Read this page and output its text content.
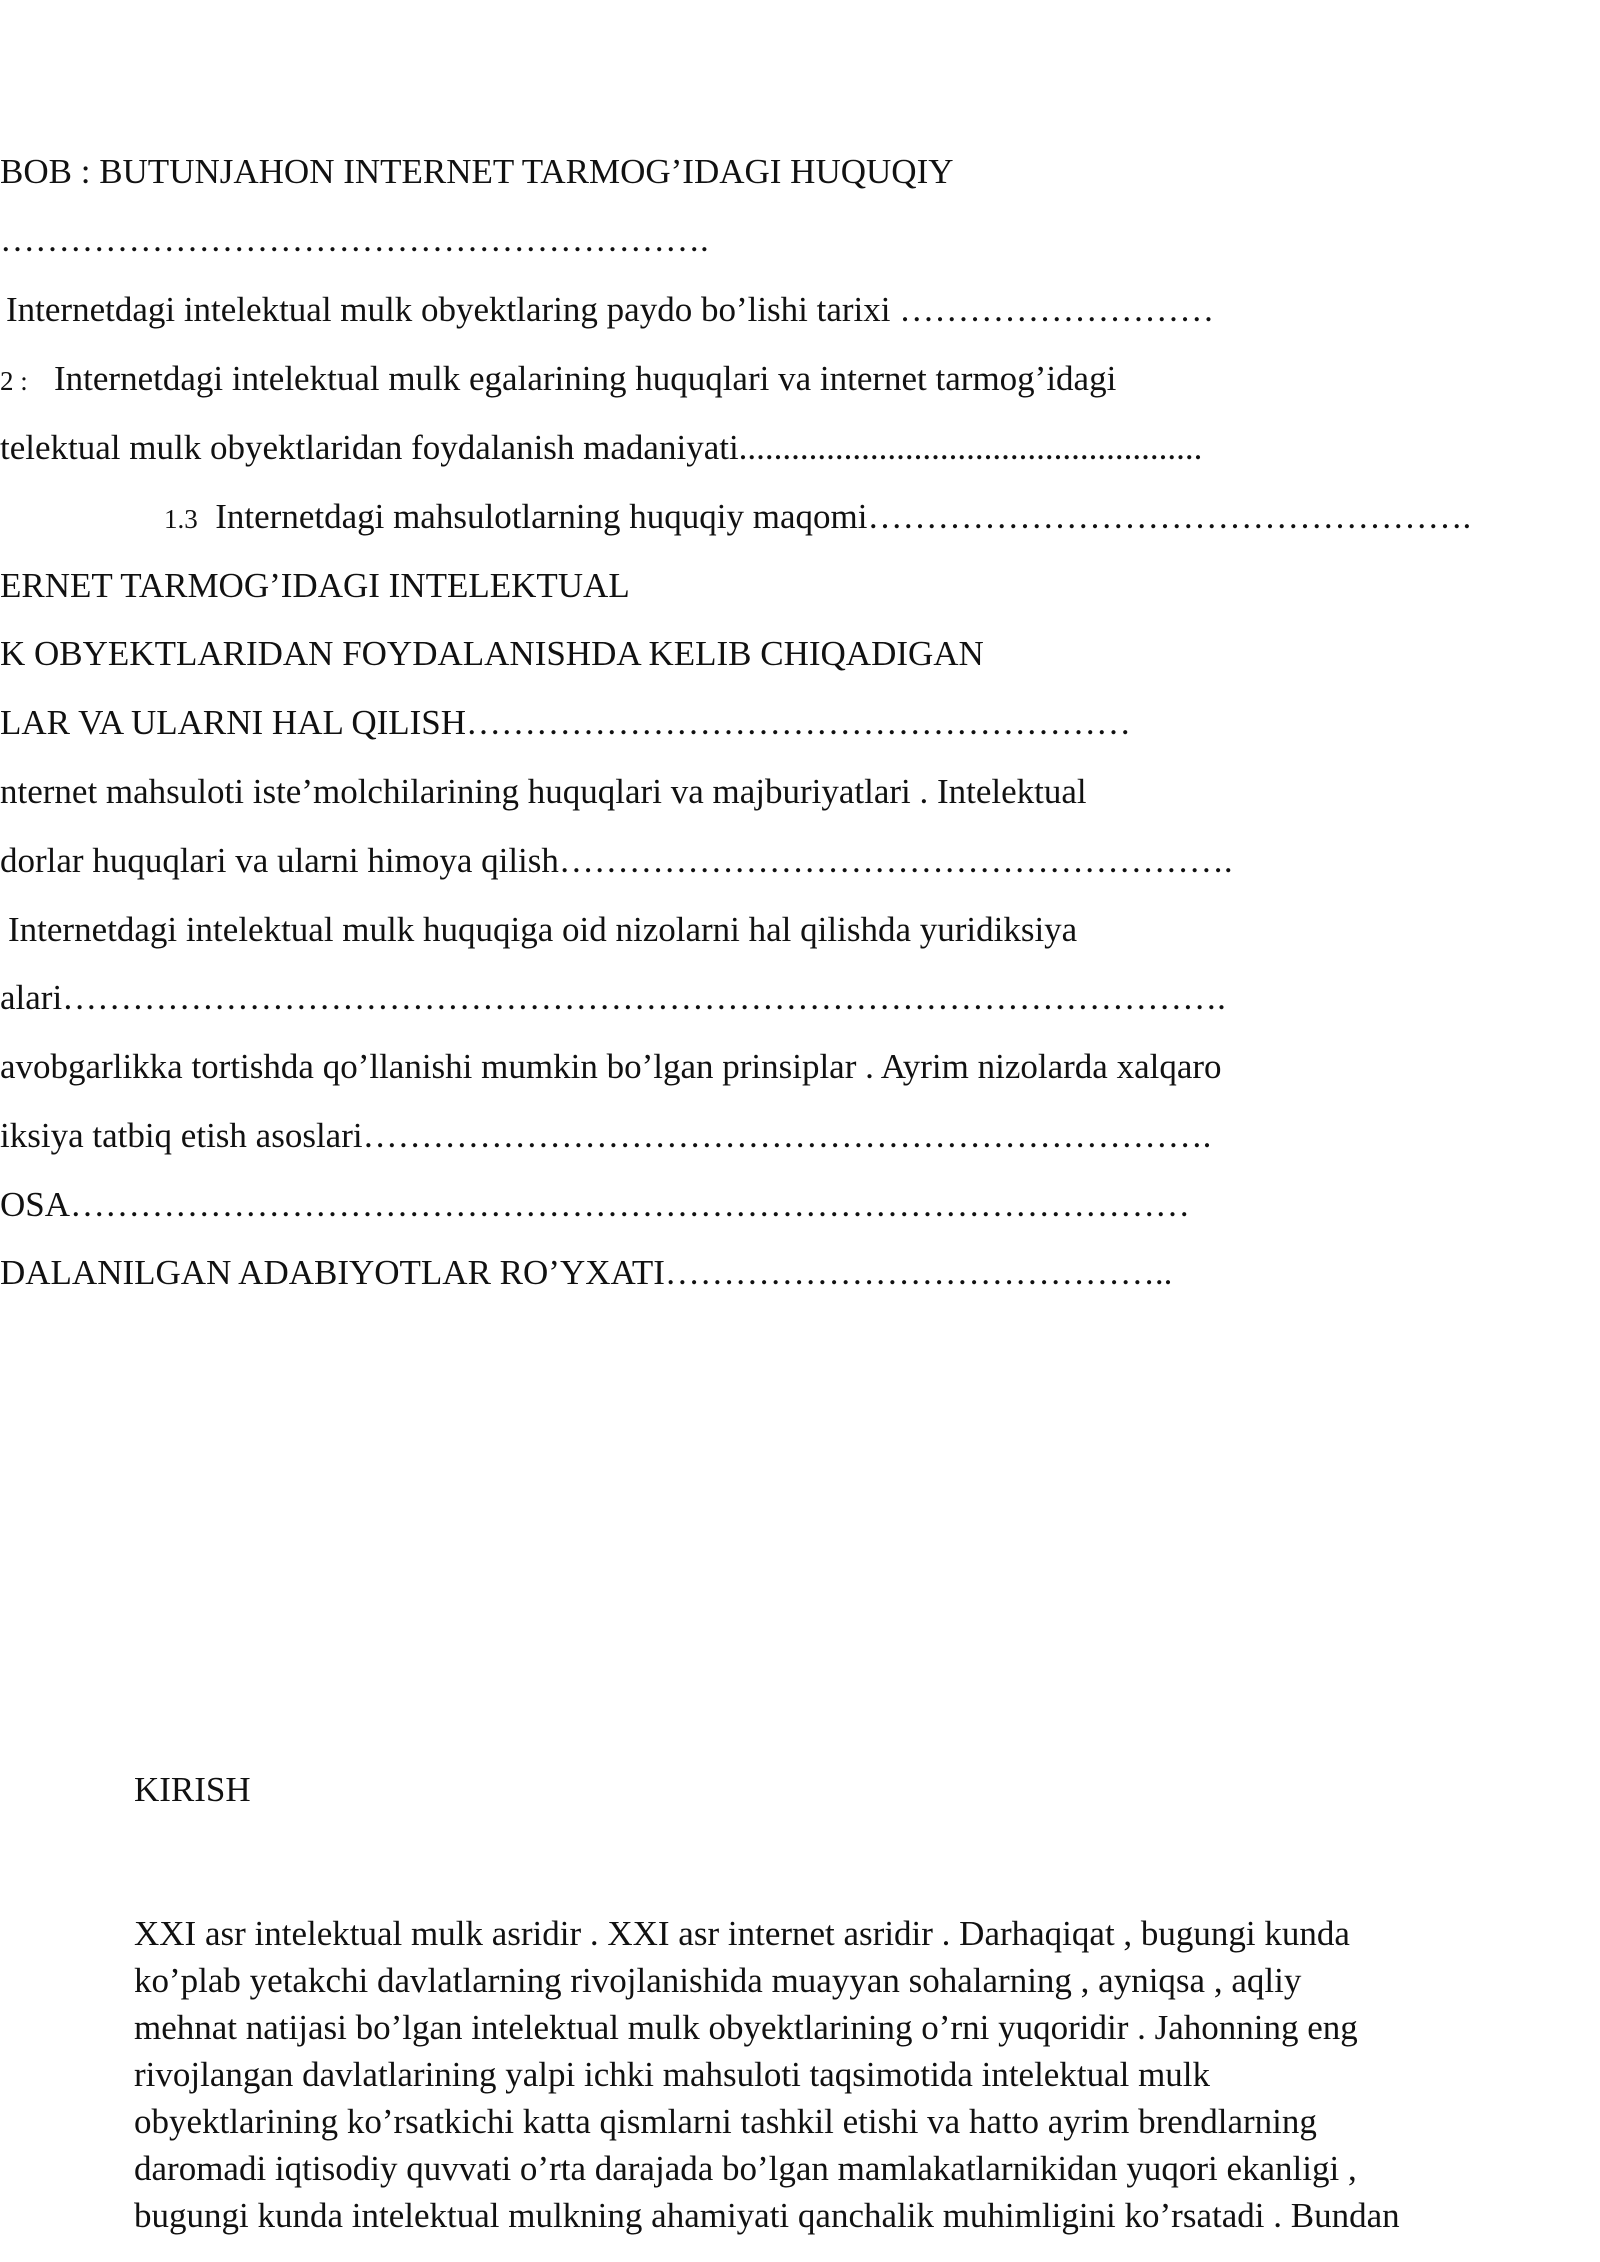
BOB : BUTUNJAHON INTERNET TARMOG’IDAGI HUQUQIY
…………………………………………………….
Internetdagi intelektual mulk obyektlaring paydo bo’lishi tarixi ………………………
2 : Internetdagi intelektual mulk egalarining huquqlari va internet tarmog’idagi
telektual mulk obyektlaridan foydalanish madaniyati.....................................................
1.3 Internetdagi mahsulotlarning huquqiy maqomi…………………………………………….
ERNET TARMOG’IDAGI INTELEKTUAL
K OBYEKTLARIDAN FOYDALANISHDA KELIB CHIQADIGAN
LAR VA ULARNI HAL QILISH…………………………………………………
nternet mahsuloti iste’molchilarining huquqlari va majburiyatlari . Intelektual
dorlar huquqlari va ularni himoya qilish………………………………………………….
Internetdagi intelektual mulk huquqiga oid nizolarni hal qilishda yuridiksiya
alari……………………………………………………………………………………….
avobgarlikka tortishda qo’llanishi mumkin bo’lgan prinsiplar . Ayrim nizolarda xalqaro
iksiya tatbiq etish asoslari……………………………………………………………….
OSA……………………………………………………………………………………
DALANILGAN ADABIYOTLAR RO’YXATI……………………………………..
KIRISH
XXI asr intelektual mulk asridir . XXI asr internet asridir . Darhaqiqat , bugungi kunda
ko’plab yetakchi davlatlarning rivojlanishida muayyan sohalarning , ayniqsa , aqliy
mehnat natijasi bo’lgan intelektual mulk obyektlarining o’rni yuqoridir . Jahonning eng
rivojlangan davlatlarining yalpi ichki mahsuloti taqsimotida intelektual mulk
obyektlarining ko’rsatkichi katta qismlarni tashkil etishi va hatto ayrim brendlarning
daromadi iqtisodiy quvvati o’rta darajada bo’lgan mamlakatlarnikidan yuqori ekanligi ,
bugungi kunda intelektual mulkning ahamiyati qanchalik muhimligini ko’rsatadi . Bundan
